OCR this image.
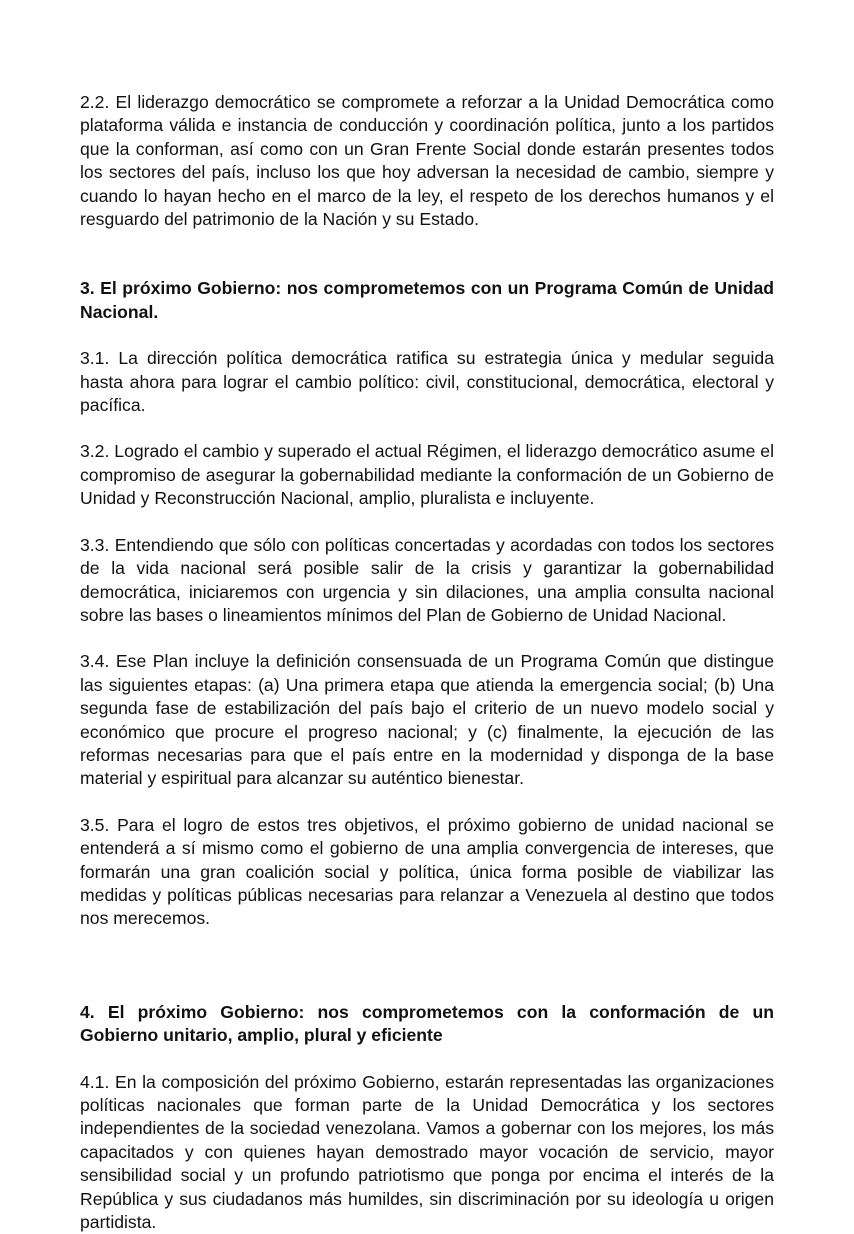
2.2. El liderazgo democrático se compromete a reforzar a la Unidad Democrática como plataforma válida e instancia de conducción y coordinación política, junto a los partidos que la conforman, así como con un Gran Frente Social donde estarán presentes todos los sectores del país, incluso los que hoy adversan la necesidad de cambio, siempre y cuando lo hayan hecho en el marco de la ley, el respeto de los derechos humanos y el resguardo del patrimonio de la Nación y su Estado.

3. El próximo Gobierno: nos comprometemos con un Programa Común de Unidad Nacional.

3.1. La dirección política democrática ratifica su estrategia única y medular seguida hasta ahora para lograr el cambio político: civil, constitucional, democrática, electoral y pacífica.

3.2. Logrado el cambio y superado el actual Régimen, el liderazgo democrático asume el compromiso de asegurar la gobernabilidad mediante la conformación de un Gobierno de Unidad y Reconstrucción Nacional, amplio, pluralista e incluyente.

3.3. Entendiendo que sólo con políticas concertadas y acordadas con todos los sectores de la vida nacional será posible salir de la crisis y garantizar la gobernabilidad democrática, iniciaremos con urgencia y sin dilaciones, una amplia consulta nacional sobre las bases o lineamientos mínimos del Plan de Gobierno de Unidad Nacional.

3.4. Ese Plan incluye la definición consensuada de un Programa Común que distingue las siguientes etapas: (a) Una primera etapa que atienda la emergencia social; (b) Una segunda fase de estabilización del país bajo el criterio de un nuevo modelo social y económico que procure el progreso nacional; y (c) finalmente, la ejecución de las reformas necesarias para que el país entre en la modernidad y disponga de la base material y espiritual para alcanzar su auténtico bienestar.

3.5. Para el logro de estos tres objetivos, el próximo gobierno de unidad nacional se entenderá a sí mismo como el gobierno de una amplia convergencia de intereses, que formarán una gran coalición social y política, única forma posible de viabilizar las medidas y políticas públicas necesarias para relanzar a Venezuela al destino que todos nos merecemos.

4. El próximo Gobierno: nos comprometemos con la conformación de un Gobierno unitario, amplio, plural y eficiente

4.1. En la composición del próximo Gobierno, estarán representadas las organizaciones políticas nacionales que forman parte de la Unidad Democrática y los sectores independientes de la sociedad venezolana. Vamos a gobernar con los mejores, los más capacitados y con quienes hayan demostrado mayor vocación de servicio, mayor sensibilidad social y un profundo patriotismo que ponga por encima el interés de la República y sus ciudadanos más humildes, sin discriminación por su ideología u origen partidista.
